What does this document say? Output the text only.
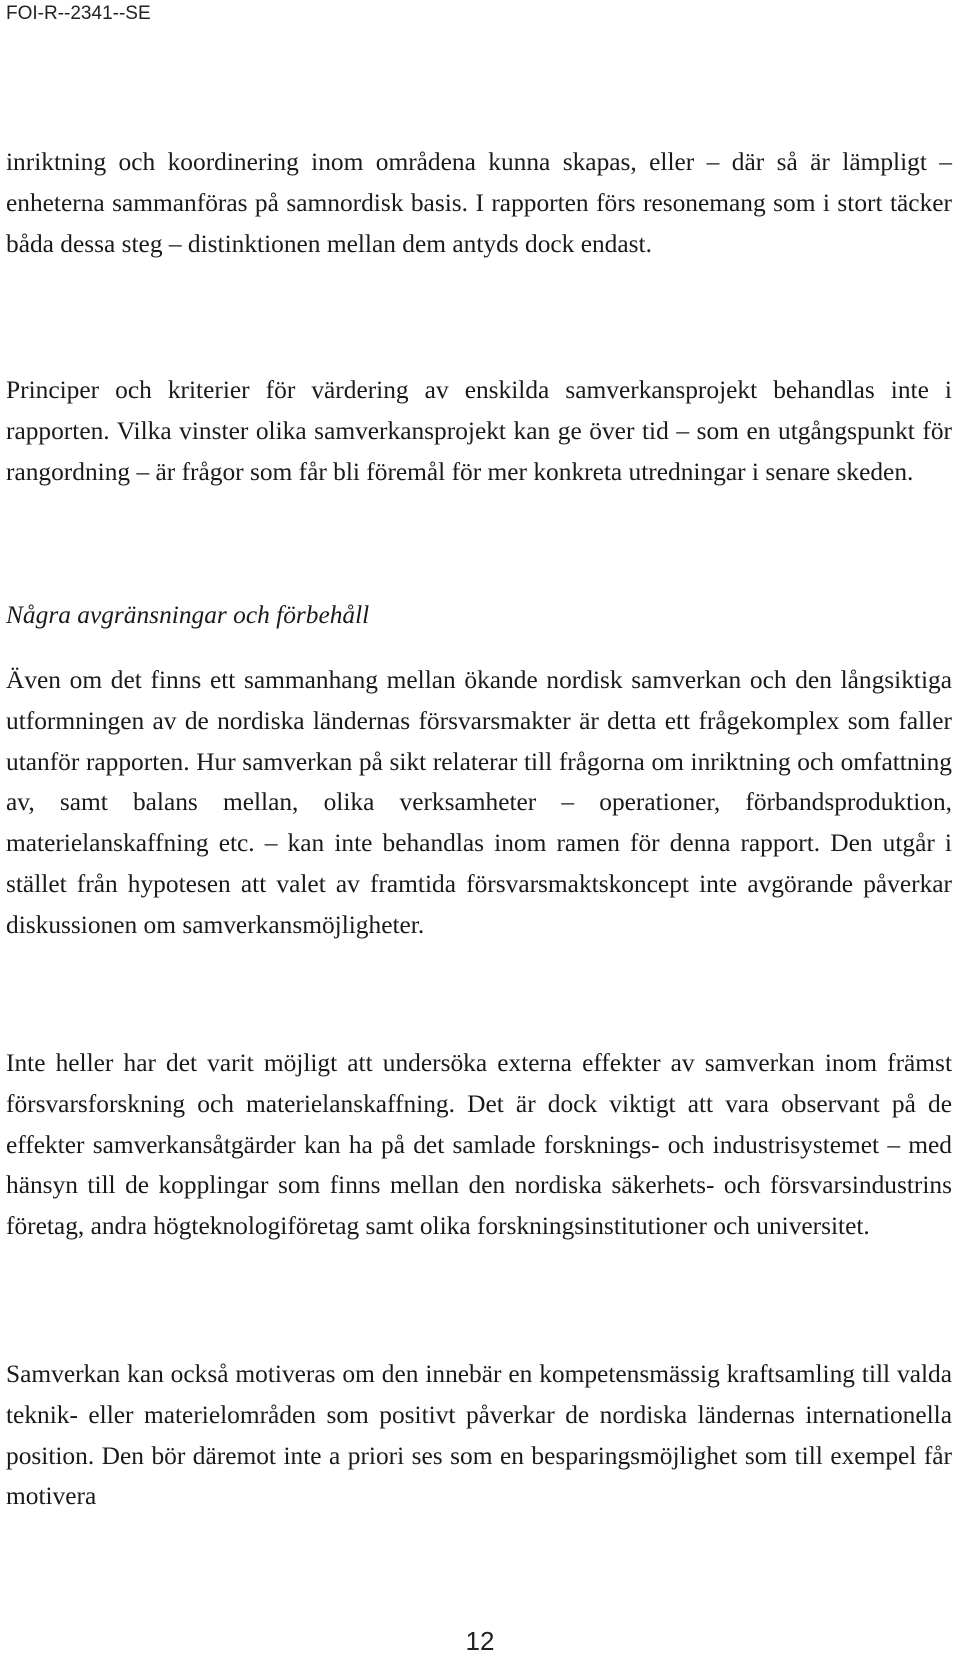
FOI-R--2341--SE

inriktning och koordinering inom områdena kunna skapas, eller – där så är lämpligt – enheterna sammanföras på samnordisk basis. I rapporten förs resonemang som i stort täcker båda dessa steg – distinktionen mellan dem antyds dock endast.

Principer och kriterier för värdering av enskilda samverkansprojekt behandlas inte i rapporten. Vilka vinster olika samverkansprojekt kan ge över tid – som en utgångspunkt för rangordning – är frågor som får bli föremål för mer konkreta utredningar i senare skeden.

Några avgränsningar och förbehåll

Även om det finns ett sammanhang mellan ökande nordisk samverkan och den långsiktiga utformningen av de nordiska ländernas försvarsmakter är detta ett frågekomplex som faller utanför rapporten. Hur samverkan på sikt relaterar till frågorna om inriktning och omfattning av, samt balans mellan, olika verksamheter – operationer, förbandsproduktion, materielanskaffning etc. – kan inte behandlas inom ramen för denna rapport. Den utgår i stället från hypotesen att valet av framtida försvarsmaktskoncept inte avgörande påverkar diskussionen om samverkansmöjligheter.

Inte heller har det varit möjligt att undersöka externa effekter av samverkan inom främst försvarsforskning och materielanskaffning. Det är dock viktigt att vara observant på de effekter samverkansåtgärder kan ha på det samlade forsknings- och industrisystemet – med hänsyn till de kopplingar som finns mellan den nordiska säkerhets- och försvarsindustrins företag, andra högteknologiföretag samt olika forskningsinstitutioner och universitet.

Samverkan kan också motiveras om den innebär en kompetensmässig kraftsamling till valda teknik- eller materielområden som positivt påverkar de nordiska ländernas internationella position. Den bör däremot inte a priori ses som en besparingsmöjlighet som till exempel får motivera

12
